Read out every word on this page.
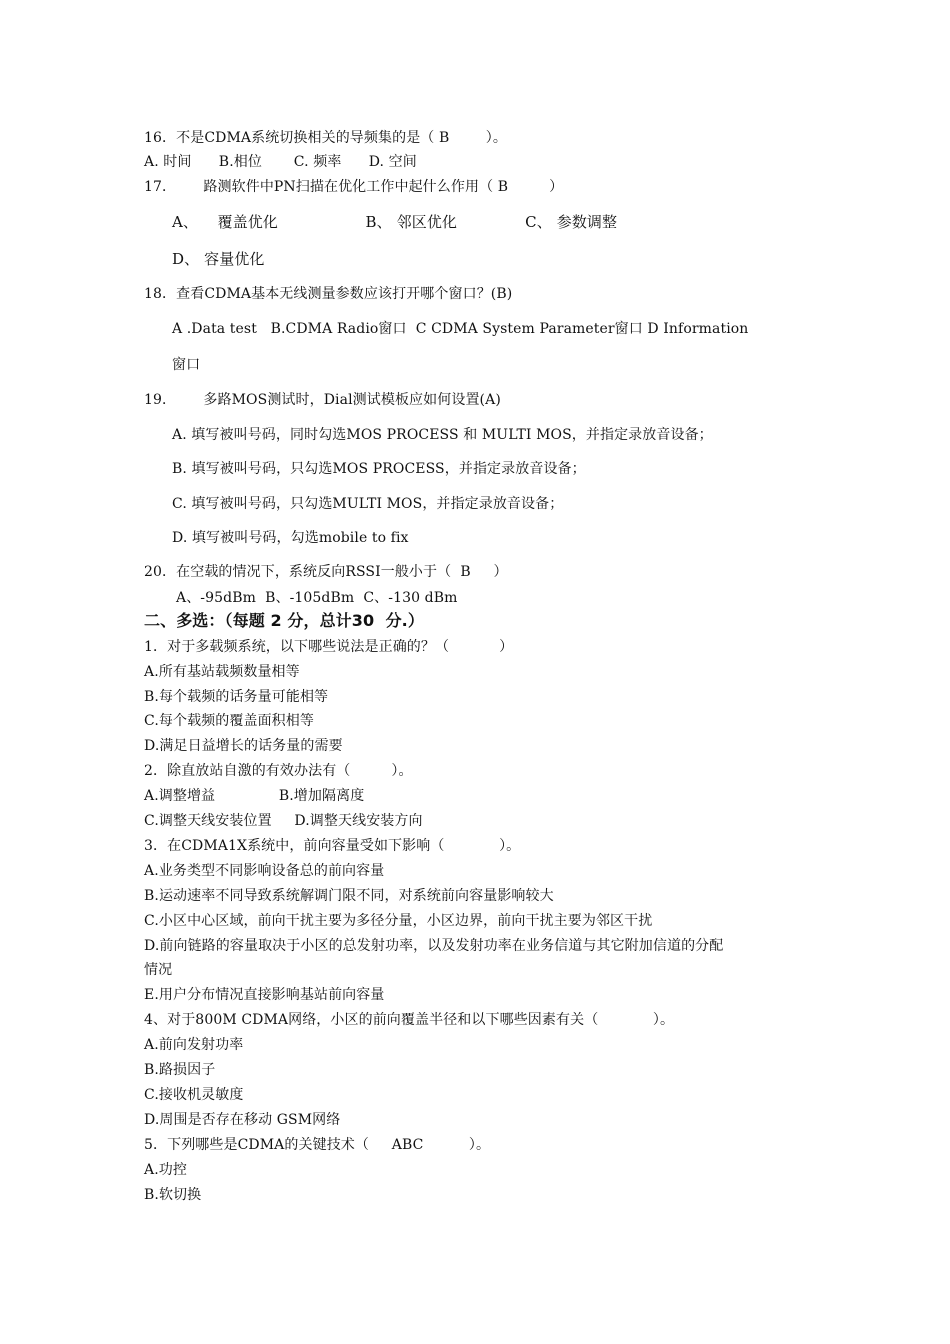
16．不是CDMA系统切换相关的导频集的是（ B        ）。
A. 时间      B.相位       C. 频率      D. 空间
17．      路测软件中PN扫描在优化工作中起什么作用（ B         ）
A、    覆盖优化                  B、 邻区优化              C、 参数调整
D、 容量优化
18．查看CDMA基本无线测量参数应该打开哪个窗口？(B)
A .Data test   B.CDMA Radio窗口  C CDMA System Parameter窗口 D Information
窗口
19．      多路MOS测试时，Dial测试模板应如何设置(A)
A. 填写被叫号码，同时勾选MOS PROCESS 和 MULTI MOS，并指定录放音设备；
B. 填写被叫号码，只勾选MOS PROCESS，并指定录放音设备；
C. 填写被叫号码，只勾选MULTI MOS，并指定录放音设备；
D. 填写被叫号码，勾选mobile to fix
20．在空载的情况下，系统反向RSSI一般小于（  B     ）
A、-95dBm  B、-105dBm  C、-130 dBm
二、多选：（每题 2 分，总计30  分.）
1．对于多载频系统，以下哪些说法是正确的？（           ）
A.所有基站载频数量相等
B.每个载频的话务量可能相等
C.每个载频的覆盖面积相等
D.满足日益增长的话务量的需要
2．除直放站自激的有效办法有（         ）。
A.调整增益              B.增加隔离度
C.调整天线安装位置     D.调整天线安装方向
3．在CDMA1X系统中，前向容量受如下影响（            ）。
A.业务类型不同影响设备总的前向容量
B.运动速率不同导致系统解调门限不同，对系统前向容量影响较大
C.小区中心区域，前向干扰主要为多径分量，小区边界，前向干扰主要为邻区干扰
D.前向链路的容量取决于小区的总发射功率，以及发射功率在业务信道与其它附加信道的分配
情况
E.用户分布情况直接影响基站前向容量
4、对于800M CDMA网络，小区的前向覆盖半径和以下哪些因素有关（            ）。
A.前向发射功率
B.路损因子
C.接收机灵敏度
D.周围是否存在移动 GSM网络
5．下列哪些是CDMA的关键技术（     ABC          ）。
A.功控
B.软切换
